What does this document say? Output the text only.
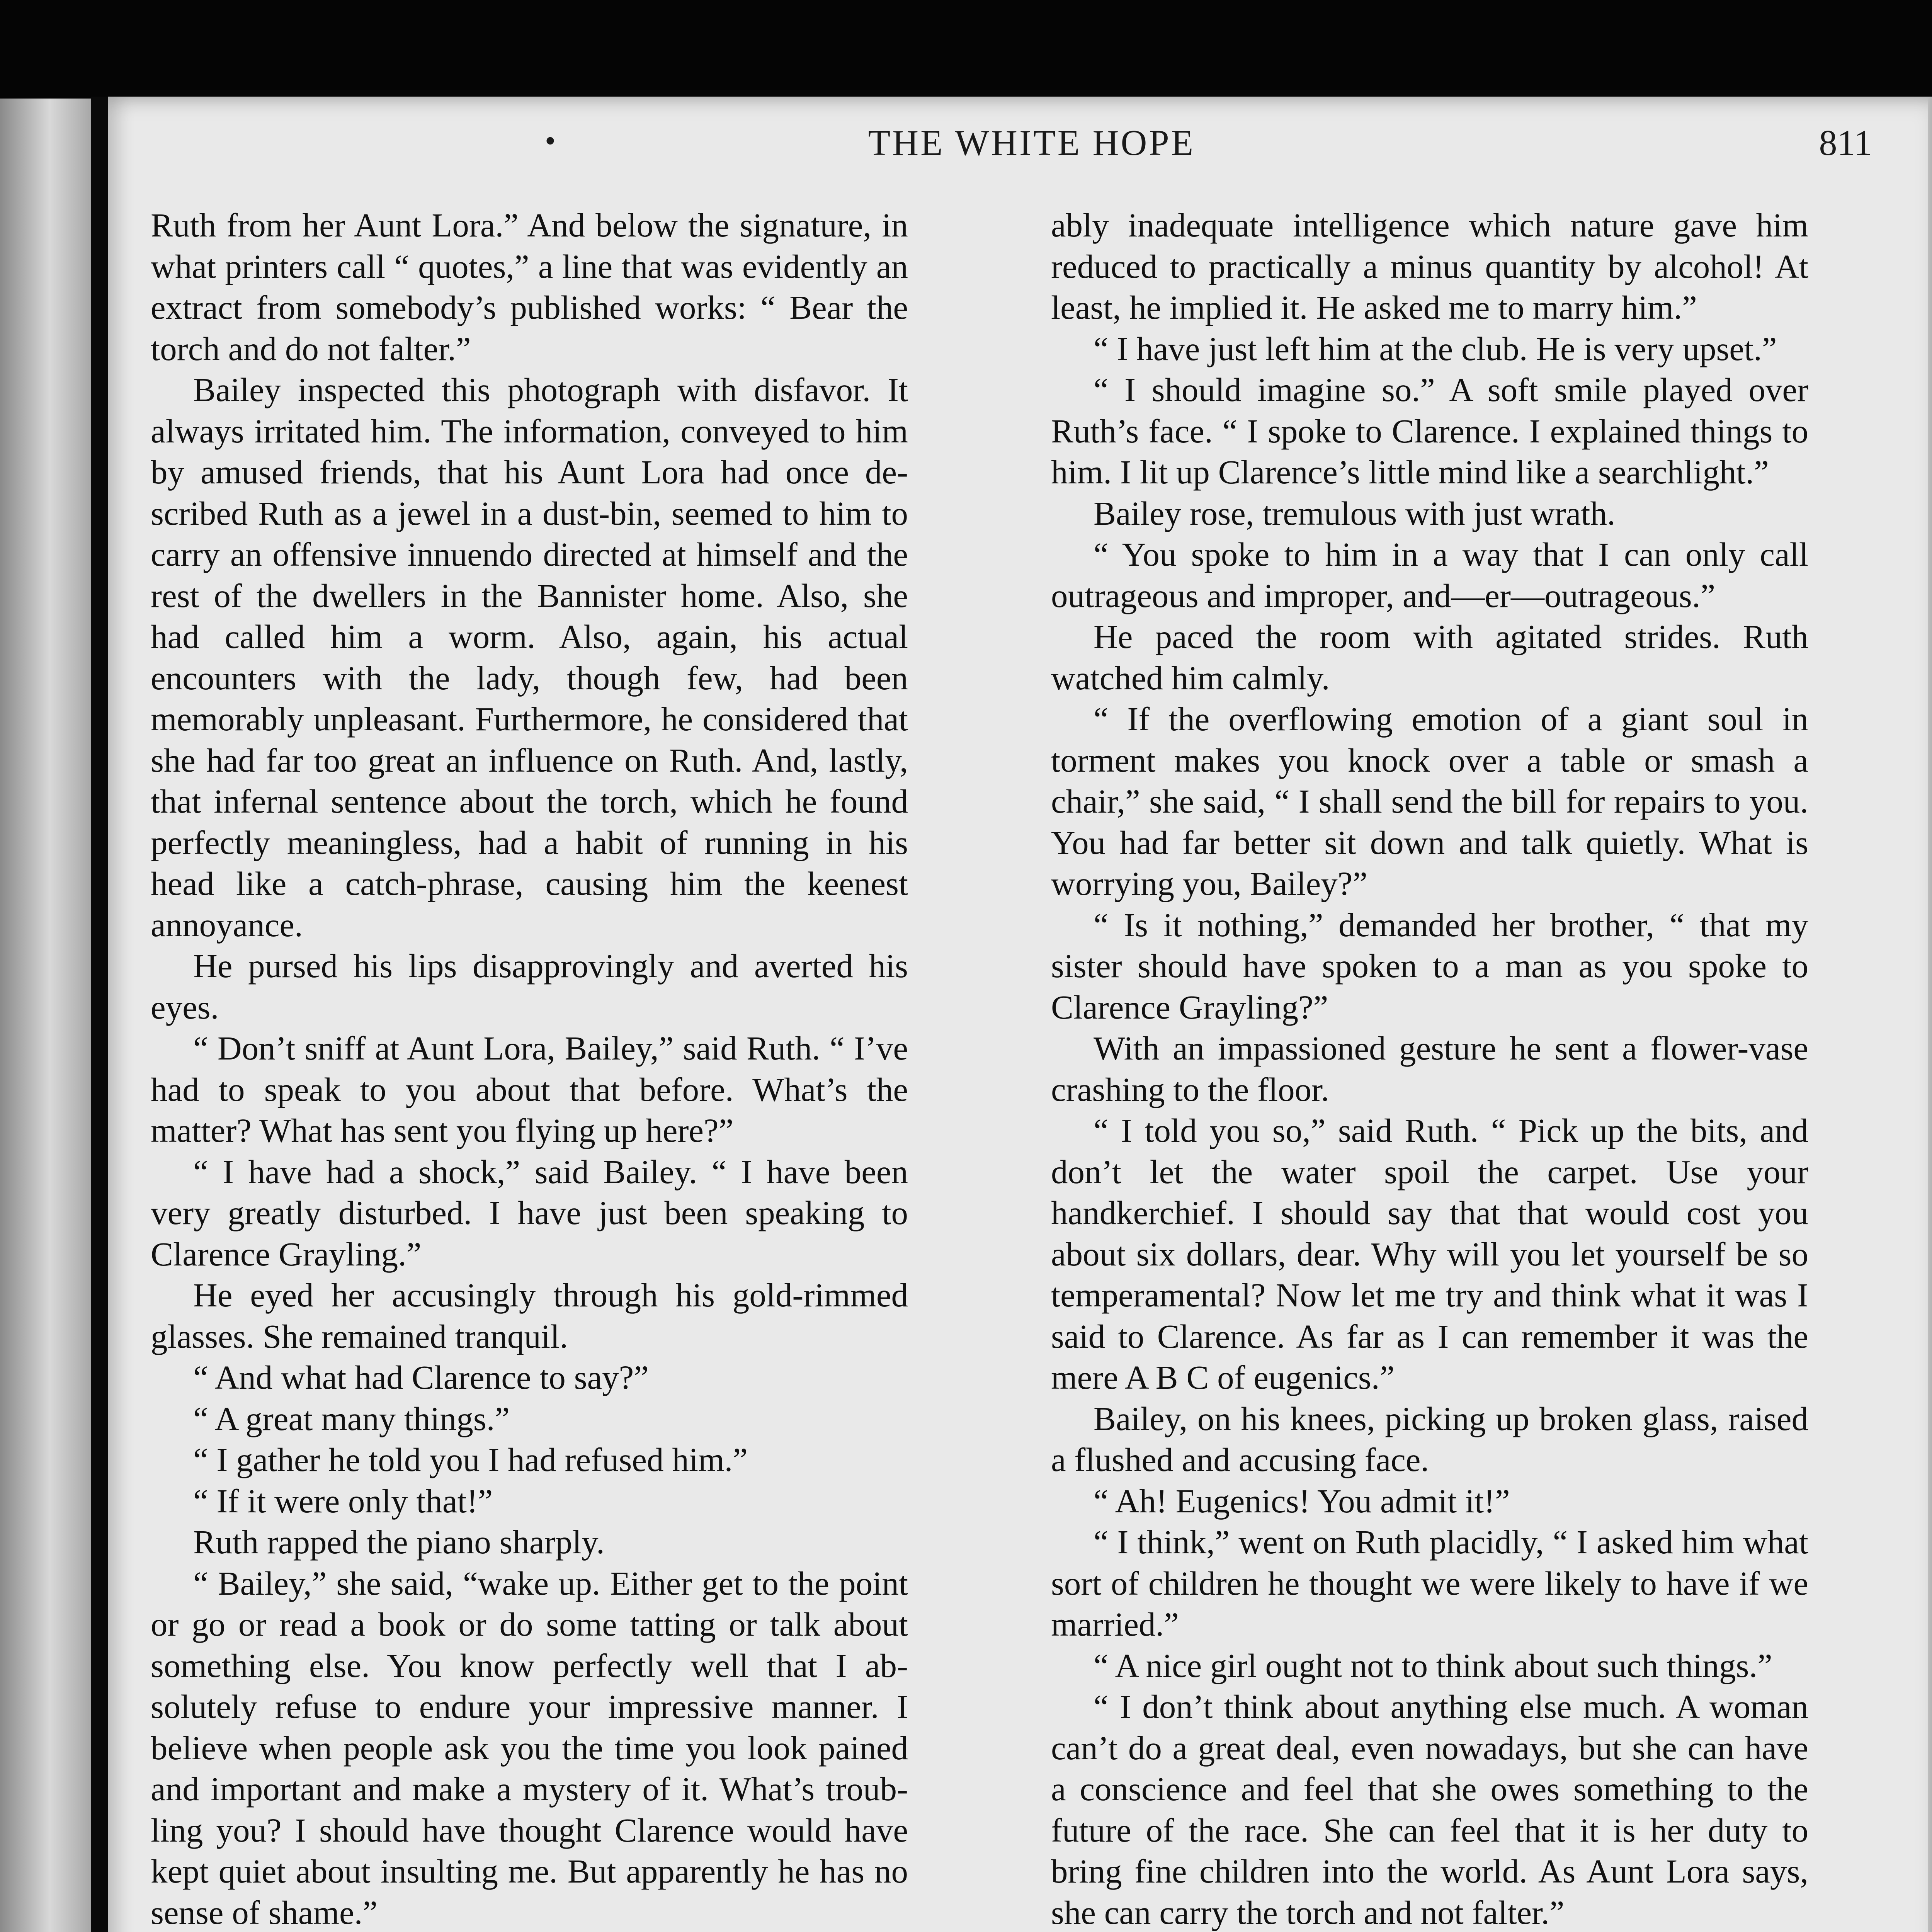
•	THE WHITE HOPE	811

Ruth from her Aunt Lora.” And below the signature, in what printers call “ quotes,” a line that was evidently an extract from somebody’s published works: “ Bear the torch and do not falter.”

Bailey inspected this photograph with disfavor. It always irritated him. The information, conveyed to him by amused friends, that his Aunt Lora had once described Ruth as a jewel in a dust-bin, seemed to him to carry an offensive innuendo directed at himself and the rest of the dwellers in the Bannister home. Also, she had called him a worm. Also, again, his actual encounters with the lady, though few, had been memorably unpleasant. Furthermore, he considered that she had far too great an influence on Ruth. And, lastly, that infernal sentence about the torch, which he found perfectly meaningless, had a habit of running in his head like a catch-phrase, causing him the keenest annoyance.

He pursed his lips disapprovingly and averted his eyes.

“ Don’t sniff at Aunt Lora, Bailey,” said Ruth. “ I’ve had to speak to you about that before. What’s the matter? What has sent you flying up here?”

“ I have had a shock,” said Bailey. “ I have been very greatly disturbed. I have just been speaking to Clarence Grayling.”

He eyed her accusingly through his gold-rimmed glasses. She remained tranquil.

“ And what had Clarence to say?”

“ A great many things.”

“ I gather he told you I had refused him.”

“ If it were only that!”

Ruth rapped the piano sharply.

“ Bailey,” she said, “wake up. Either get to the point or go or read a book or do some tatting or talk about something else. You know perfectly well that I absolutely refuse to endure your impressive manner. I believe when people ask you the time you look pained and important and make a mystery of it. What’s troubling you? I should have thought Clarence would have kept quiet about insulting me. But apparently he has no sense of shame.”

ably inadequate intelligence which nature gave him reduced to practically a minus quantity by alcohol! At least, he implied it. He asked me to marry him.”

“ I have just left him at the club. He is very upset.”

“ I should imagine so.” A soft smile played over Ruth’s face. “ I spoke to Clarence. I explained things to him. I lit up Clarence’s little mind like a searchlight.”

Bailey rose, tremulous with just wrath.

“ You spoke to him in a way that I can only call outrageous and improper, and—er—outrageous.”

He paced the room with agitated strides. Ruth watched him calmly.

“ If the overflowing emotion of a giant soul in torment makes you knock over a table or smash a chair,” she said, “ I shall send the bill for repairs to you. You had far better sit down and talk quietly. What is worrying you, Bailey?”

“ Is it nothing,” demanded her brother, “ that my sister should have spoken to a man as you spoke to Clarence Grayling?”

With an impassioned gesture he sent a flower-vase crashing to the floor.

“ I told you so,” said Ruth. “ Pick up the bits, and don’t let the water spoil the carpet. Use your handkerchief. I should say that that would cost you about six dollars, dear. Why will you let yourself be so temperamental? Now let me try and think what it was I said to Clarence. As far as I can remember it was the mere A B C of eugenics.”

Bailey, on his knees, picking up broken glass, raised a flushed and accusing face.

“ Ah! Eugenics! You admit it!”

“ I think,” went on Ruth placidly, “ I asked him what sort of children he thought we were likely to have if we married.”

“ A nice girl ought not to think about such things.”

“ I don’t think about anything else much. A woman can’t do a great deal, even nowadays, but she can have a conscience and feel that she owes something to the future of the race. She can feel that it is her duty to bring fine children into the world. As Aunt Lora says, she can carry the torch and not falter.”
